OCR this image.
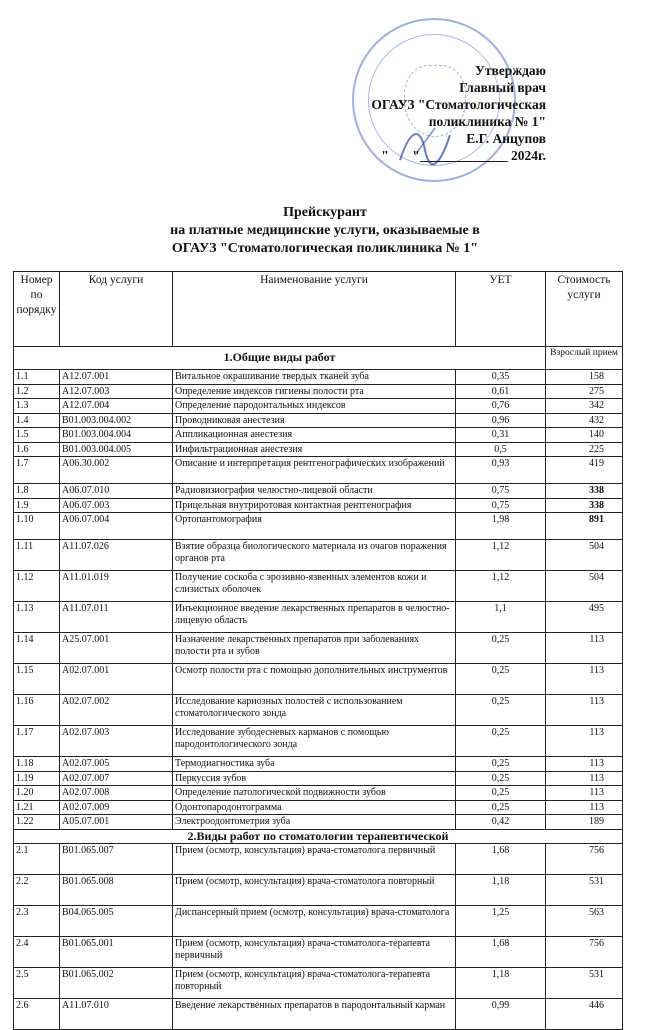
Утверждаю
Главный врач
ОГАУЗ "Стоматологическая
поликлиника № 1"
Е.Г. Анцупов
"       "_____________ 2024г.
Прейскурант
на платные медицинские услуги, оказываемые в
ОГАУЗ "Стоматологическая поликлиника № 1"
Номер по порядку	Код услуги	Наименование услуги	УЕТ	Стоимость услуги
1.Общие виды работ				Взрослый прием
1.1	A12.07.001	Витальное окрашивание твердых тканей зуба	0,35	158
1.2	A12.07.003	Определение индексов гигиены полости рта	0,61	275
1.3	A12.07.004	Определение пародонтальных индексов	0,76	342
1.4	B01.003.004.002	Проводниковая анестезия	0,96	432
1.5	B01.003.004.004	Аппликационная анестезия	0,31	140
1.6	B01.003.004.005	Инфильтрационная анестезия	0,5	225
1.7	A06.30.002	Описание и интерпретация рентгенографических изображений	0,93	419
1.8	A06.07.010	Радиовизиография челюстно-лицевой области	0,75	338
1.9	A06.07.003	Прицельная внутриротовая контактная рентгенография	0,75	338
1.10	A06.07.004	Ортопантомография	1,98	891
1.11	A11.07.026	Взятие образца биологического материала из очагов поражения органов рта	1,12	504
1.12	A11.01.019	Получение соскоба с эрозивно-язвенных элементов кожи и слизистых оболочек	1,12	504
1.13	A11.07.011	Инъекционное введение лекарственных препаратов в челюстно-лицевую область	1,1	495
1.14	A25.07.001	Назначение лекарственных препаратов при заболеваниях полости рта и зубов	0,25	113
1.15	A02.07.001	Осмотр полости рта с помощью дополнительных инструментов	0,25	113
1.16	A02.07.002	Исследование кариозных полостей с использованием стоматологического зонда	0,25	113
1.17	A02.07.003	Исследование зубодесневых карманов с помощью пародонтологического зонда	0,25	113
1.18	A02.07.005	Термодиагностика зуба	0,25	113
1.19	A02.07.007	Перкуссия зубов	0,25	113
1.20	A02.07.008	Определение патологической подвижности зубов	0,25	113
1.21	A02.07.009	Одонтопародонтограмма	0,25	113
1.22	A05.07.001	Электроодонтометрия зуба	0,42	189
2.Виды работ по стоматологии терапевтической				
2.1	B01.065.007	Прием (осмотр, консультация) врача-стоматолога первичный	1,68	756
2.2	B01.065.008	Прием (осмотр, консультация) врача-стоматолога повторный	1,18	531
2.3	B04.065.005	Диспансерный прием (осмотр, консультация) врача-стоматолога	1,25	563
2.4	B01.065.001	Прием (осмотр, консультация) врача-стоматолога-терапевта первичный	1,68	756
2.5	B01.065.002	Прием (осмотр, консультация) врача-стоматолога-терапевта повторный	1,18	531
2.6	A11.07.010	Введение лекарственных препаратов в пародонтальный карман	0,99	446
